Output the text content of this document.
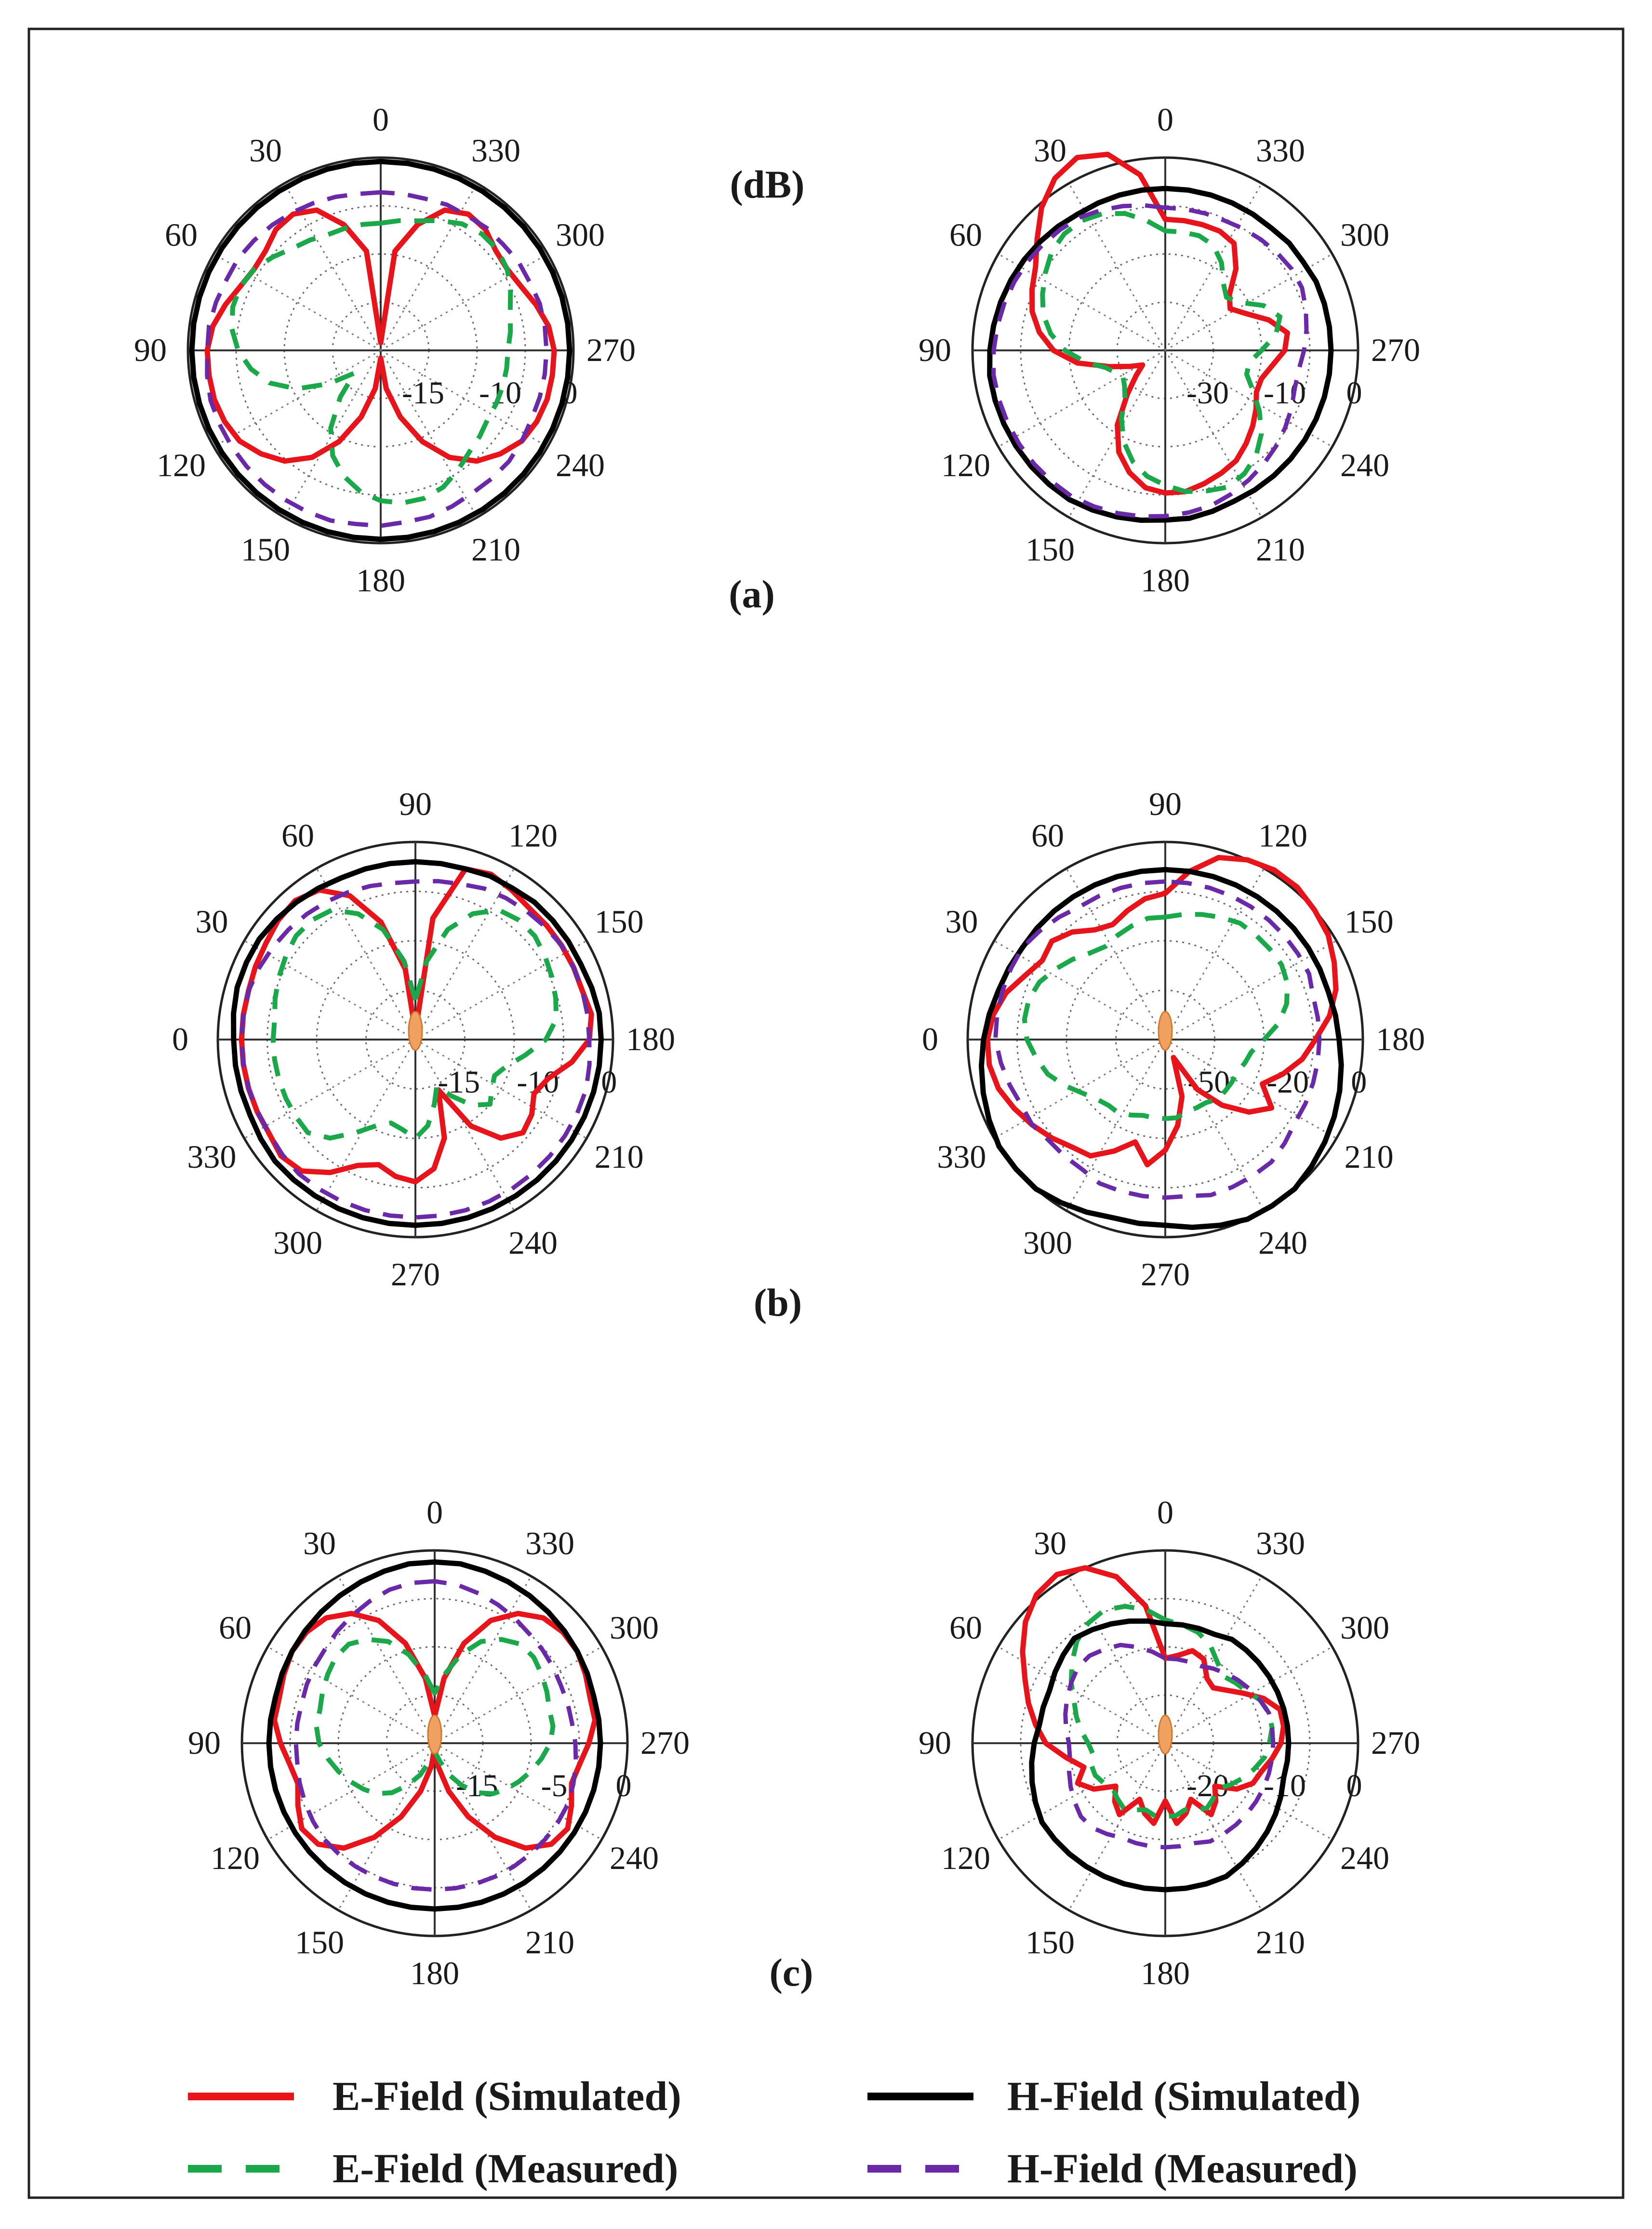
0
30
60
90
120
150
180
210
240
270
300
330
-15 -10 0
0
30
60
90
120
150
180
210
240
270
300
330
-30 -10 0
90
60
30
0
330
300
270
240
210
180
150
120
-15 -10 0
90
60
30
0
330
300
270
240
210
180
150
120
-50 -20 0
0
30
60
90
120
150
180
210
240
270
300
330
-15 -5 0
0
30
60
90
120
150
180
210
240
270
300
330
-20 -10 0
(dB)
(a)
(b)
(c)
E-Field (Simulated)
E-Field (Measured)
H-Field (Simulated)
H-Field (Measured)
